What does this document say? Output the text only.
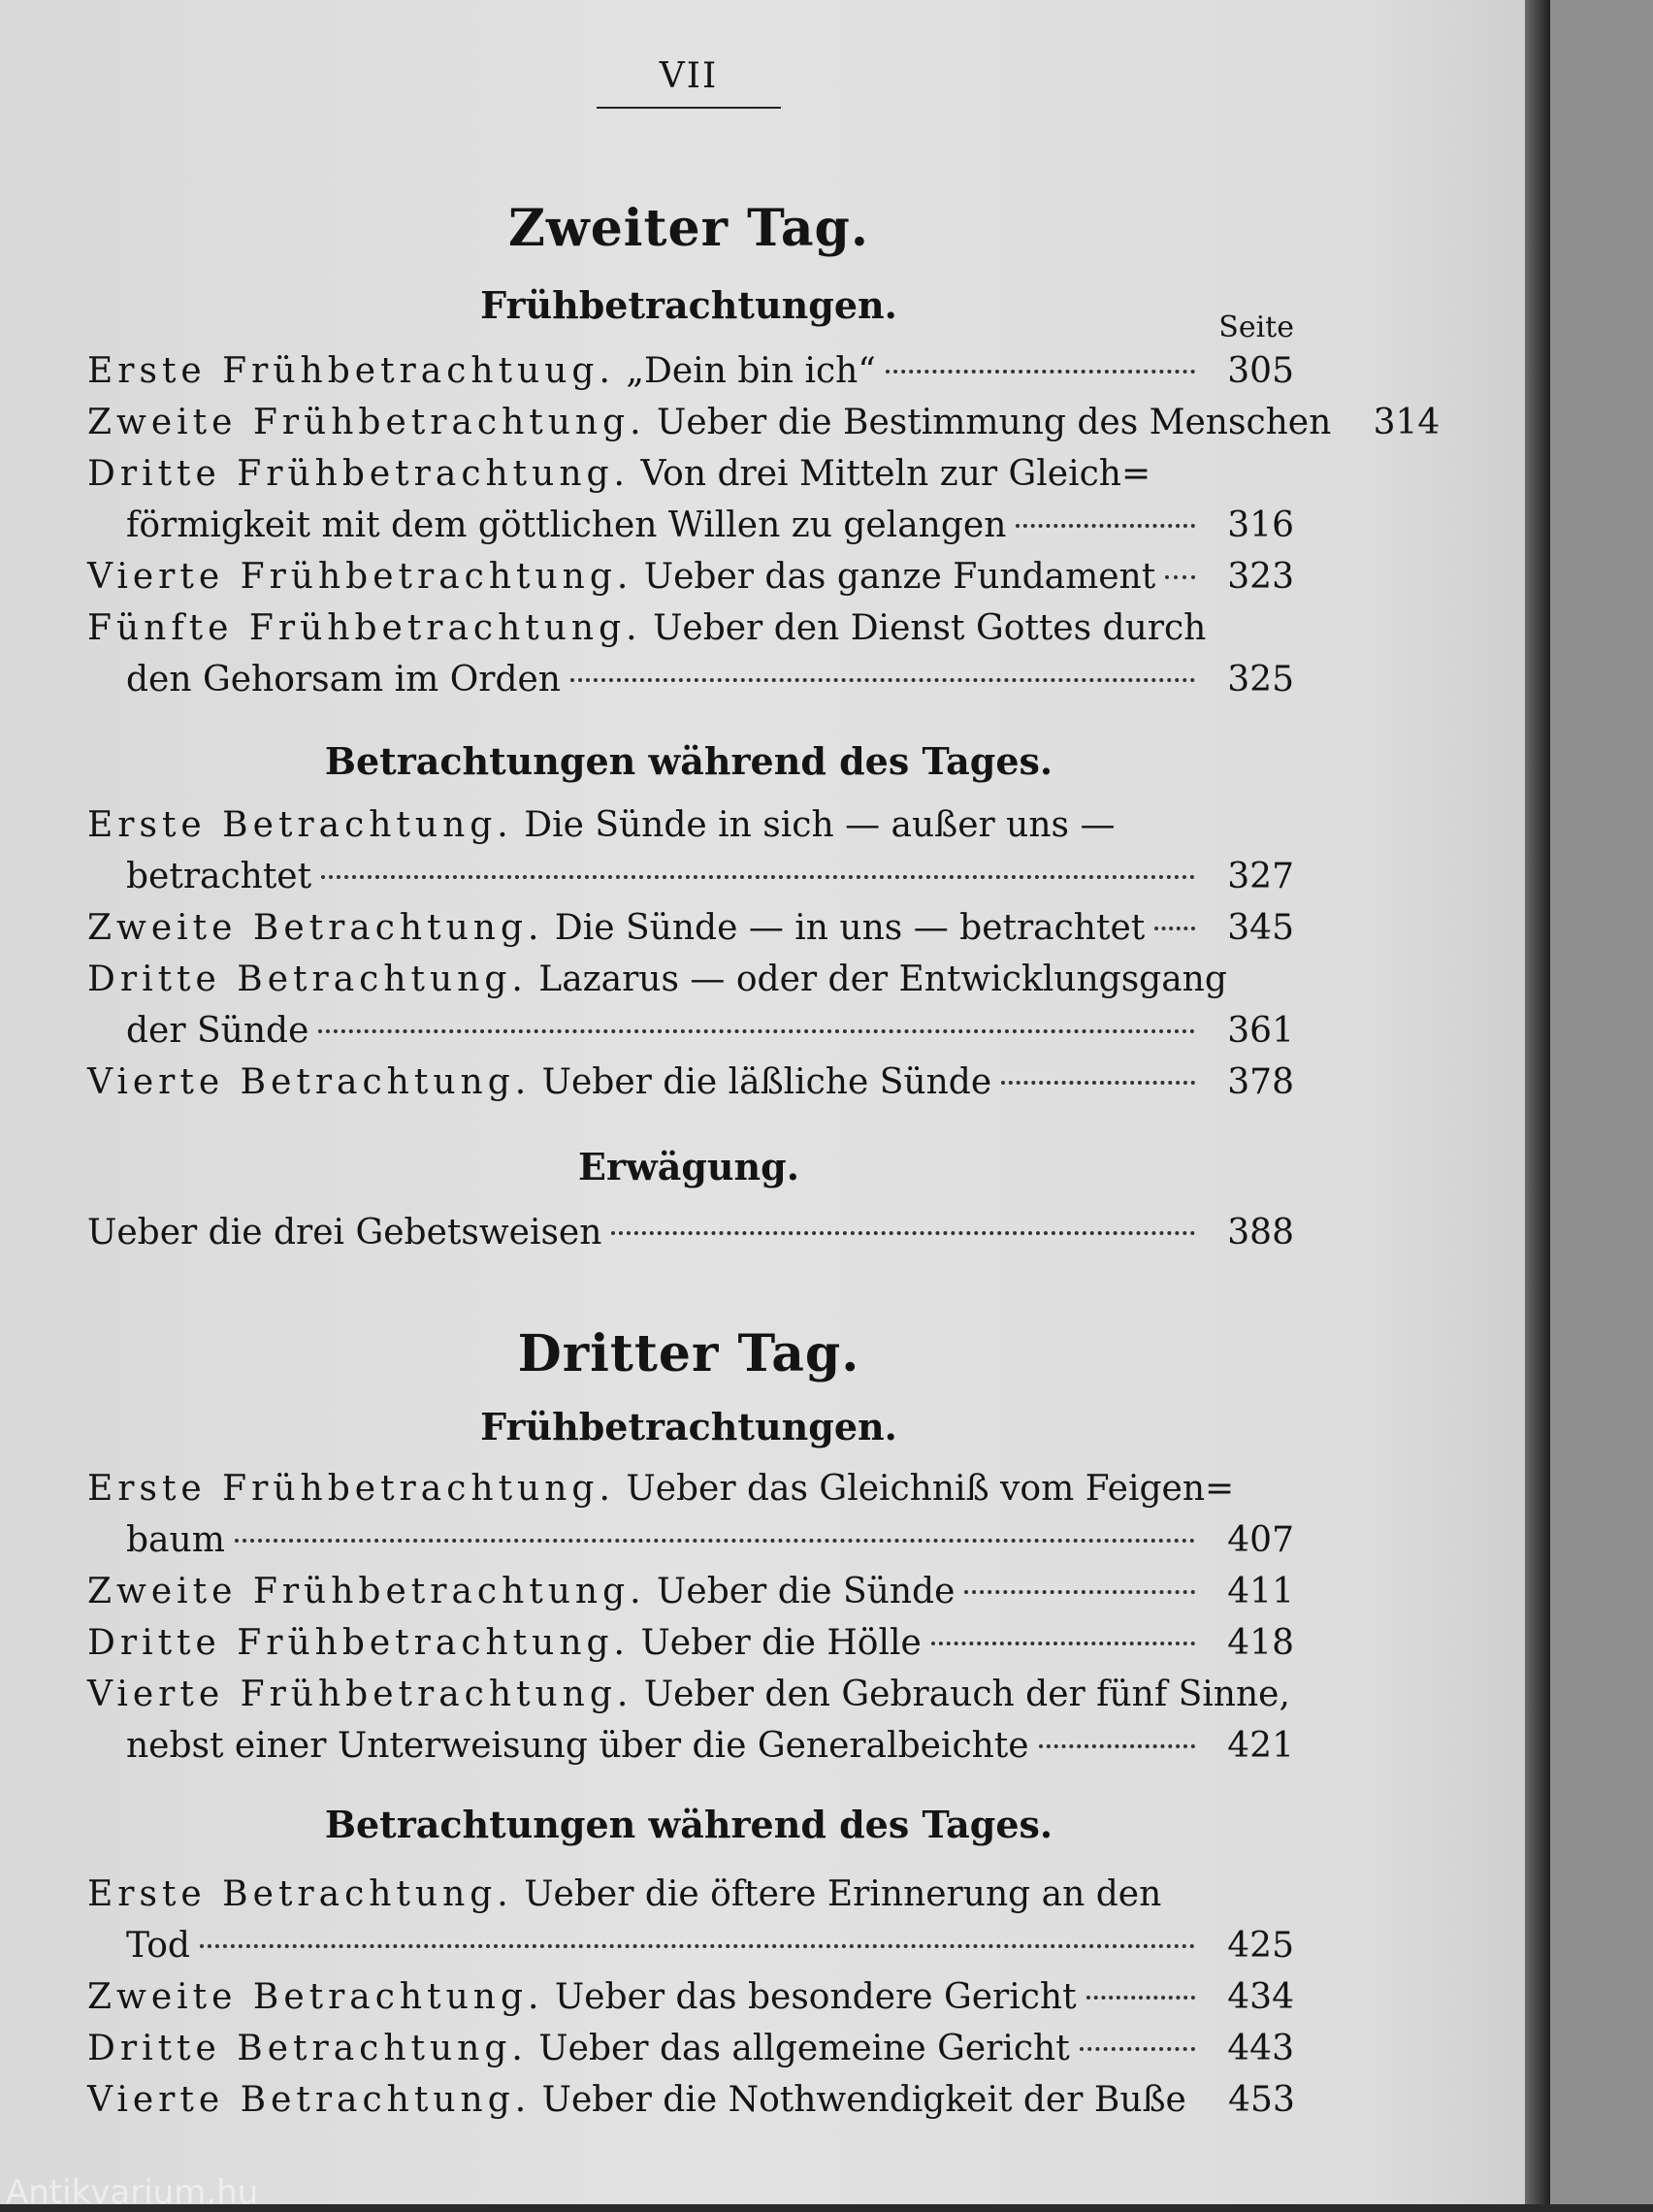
VII
Zweiter Tag.
Frühbetrachtungen.
Seite
Erste Frühbetrachtuug. „Dein bin ich“	305
Zweite Frühbetrachtung. Ueber die Bestimmung des Menschen	314
Dritte Frühbetrachtung. Von drei Mitteln zur Gleich=
förmigkeit mit dem göttlichen Willen zu gelangen	316
Vierte Frühbetrachtung. Ueber das ganze Fundament	323
Fünfte Frühbetrachtung. Ueber den Dienst Gottes durch
den Gehorsam im Orden	325
Betrachtungen während des Tages.
Erste Betrachtung. Die Sünde in sich — außer uns —
betrachtet	327
Zweite Betrachtung. Die Sünde — in uns — betrachtet	345
Dritte Betrachtung. Lazarus — oder der Entwicklungsgang
der Sünde	361
Vierte Betrachtung. Ueber die läßliche Sünde	378
Erwägung.
Ueber die drei Gebetsweisen	388
Dritter Tag.
Frühbetrachtungen.
Erste Frühbetrachtung. Ueber das Gleichniß vom Feigen=
baum	407
Zweite Frühbetrachtung. Ueber die Sünde	411
Dritte Frühbetrachtung. Ueber die Hölle	418
Vierte Frühbetrachtung. Ueber den Gebrauch der fünf Sinne,
nebst einer Unterweisung über die Generalbeichte	421
Betrachtungen während des Tages.
Erste Betrachtung. Ueber die öftere Erinnerung an den
Tod	425
Zweite Betrachtung. Ueber das besondere Gericht	434
Dritte Betrachtung. Ueber das allgemeine Gericht	443
Vierte Betrachtung. Ueber die Nothwendigkeit der Buße	453
Antikvarium.hu
